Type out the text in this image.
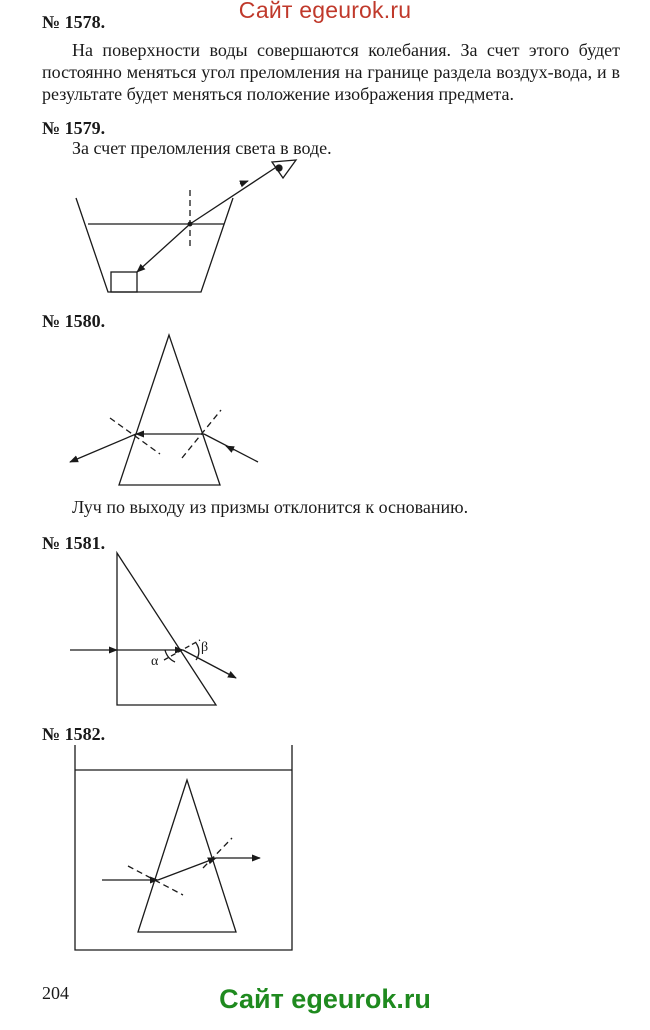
Сайт egeurok.ru
№ 1578.
На поверхности воды совершаются колебания. За счет этого будет постоянно меняться угол преломления на границе раздела воздух-вода, и в результате будет меняться положение изображения предмета.
№ 1579.
За счет преломления света в воде.
№ 1580.
Луч по выходу из призмы отклонится к основанию.
№ 1581.
№ 1582.
α
β
204	Сайт egeurok.ru
